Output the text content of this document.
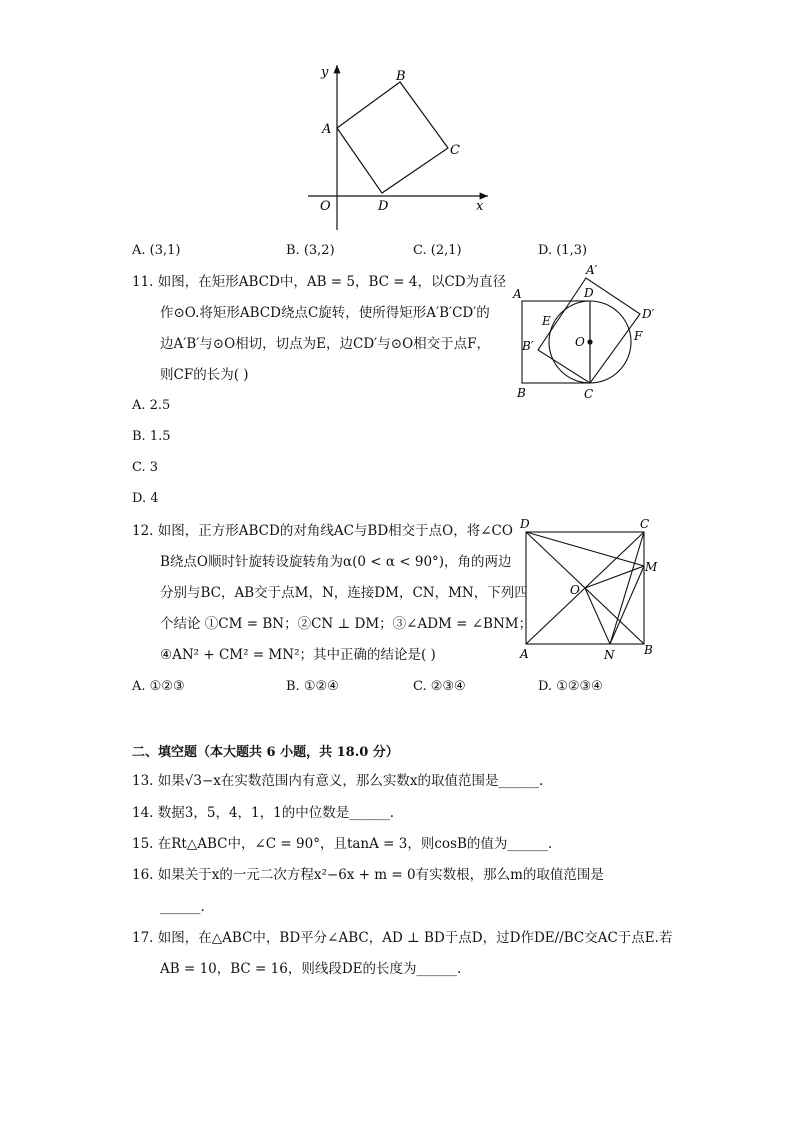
y
x
O
A
B
C
D
A. (3,1)	B. (3,2)	C. (2,1)	D. (1,3)
11. 如图，在矩形ABCD中，AB = 5，BC = 4，以CD为直径
作⊙O.将矩形ABCD绕点C旋转，使所得矩形A′B′CD′的
边A′B′与⊙O相切，切点为E，边CD′与⊙O相交于点F，
则CF的长为( )
A
B	C
D
A′
B′
D′
E
F
O
A. 2.5
B. 1.5
C. 3
D. 4
12. 如图，正方形ABCD的对角线AC与BD相交于点O，将∠CO
B绕点O顺时针旋转设旋转角为α(0 < α < 90°)，角的两边
分别与BC，AB交于点M，N，连接DM，CN，MN，下列四
个结论 ①CM = BN；②CN ⊥ DM；③∠ADM = ∠BNM；
④AN² + CM² = MN²；其中正确的结论是( )
D	C
A	B
M
N
O
A. ①②③	B. ①②④	C. ②③④	D. ①②③④
二、填空题（本大题共 6 小题，共 18.0 分）
13. 如果√3−x在实数范围内有意义，那么实数x的取值范围是______.
14. 数据3，5，4，1，1的中位数是______.
15. 在Rt△ABC中，∠C = 90°，且tanA = 3，则cosB的值为______.
16. 如果关于x的一元二次方程x²−6x + m = 0有实数根，那么m的取值范围是
______.
17. 如图，在△ABC中，BD平分∠ABC，AD ⊥ BD于点D，过D作DE//BC交AC于点E.若
AB = 10，BC = 16，则线段DE的长度为______.
